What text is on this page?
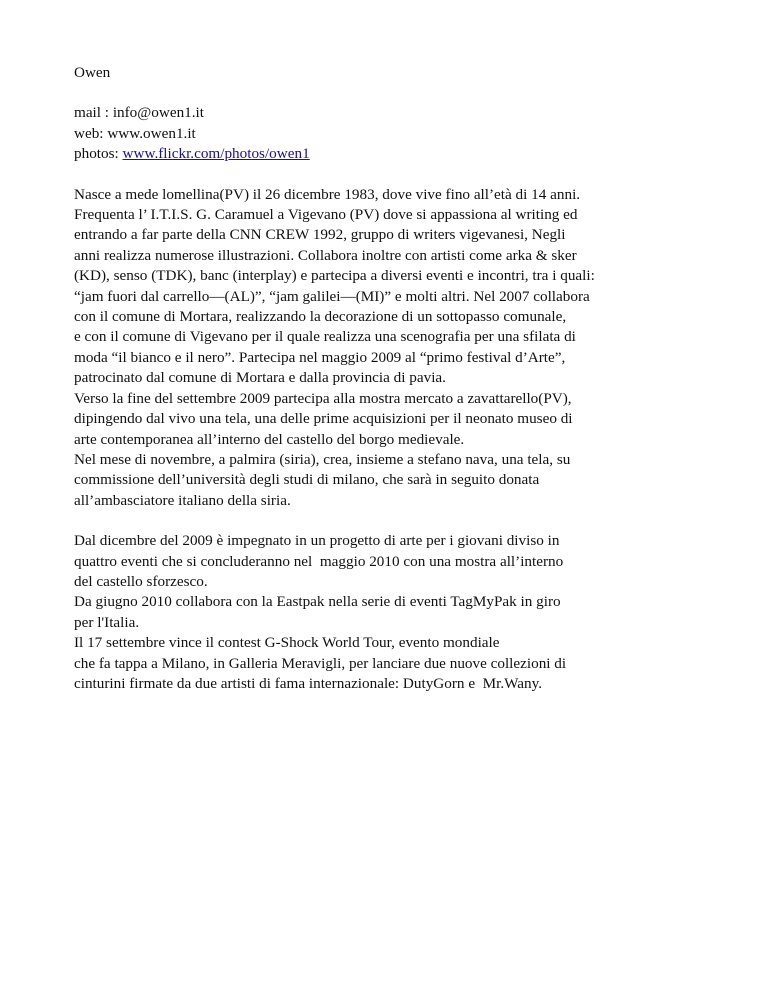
Owen
mail : info@owen1.it
web: www.owen1.it
photos: www.flickr.com/photos/owen1
Nasce a mede lomellina(PV) il 26 dicembre 1983, dove vive fino all’età di 14 anni.
Frequenta l’ I.T.I.S. G. Caramuel a Vigevano (PV) dove si appassiona al writing ed
entrando a far parte della CNN CREW 1992, gruppo di writers vigevanesi, Negli
anni realizza numerose illustrazioni. Collabora inoltre con artisti come arka & sker
(KD), senso (TDK), banc (interplay) e partecipa a diversi eventi e incontri, tra i quali:
“jam fuori dal carrello—(AL)”, “jam galilei—(MI)” e molti altri. Nel 2007 collabora
con il comune di Mortara, realizzando la decorazione di un sottopasso comunale,
e con il comune di Vigevano per il quale realizza una scenografia per una sfilata di
moda “il bianco e il nero”. Partecipa nel maggio 2009 al “primo festival d’Arte”,
patrocinato dal comune di Mortara e dalla provincia di pavia.
Verso la fine del settembre 2009 partecipa alla mostra mercato a zavattarello(PV),
dipingendo dal vivo una tela, una delle prime acquisizioni per il neonato museo di
arte contemporanea all’interno del castello del borgo medievale.
Nel mese di novembre, a palmira (siria), crea, insieme a stefano nava, una tela, su
commissione dell’università degli studi di milano, che sarà in seguito donata
all’ambasciatore italiano della siria.
Dal dicembre del 2009 è impegnato in un progetto di arte per i giovani diviso in
quattro eventi che si concluderanno nel  maggio 2010 con una mostra all’interno
del castello sforzesco.
Da giugno 2010 collabora con la Eastpak nella serie di eventi TagMyPak in giro
per l'Italia.
Il 17 settembre vince il contest G-Shock World Tour, evento mondiale
che fa tappa a Milano, in Galleria Meravigli, per lanciare due nuove collezioni di
cinturini firmate da due artisti di fama internazionale: DutyGorn e  Mr.Wany.
